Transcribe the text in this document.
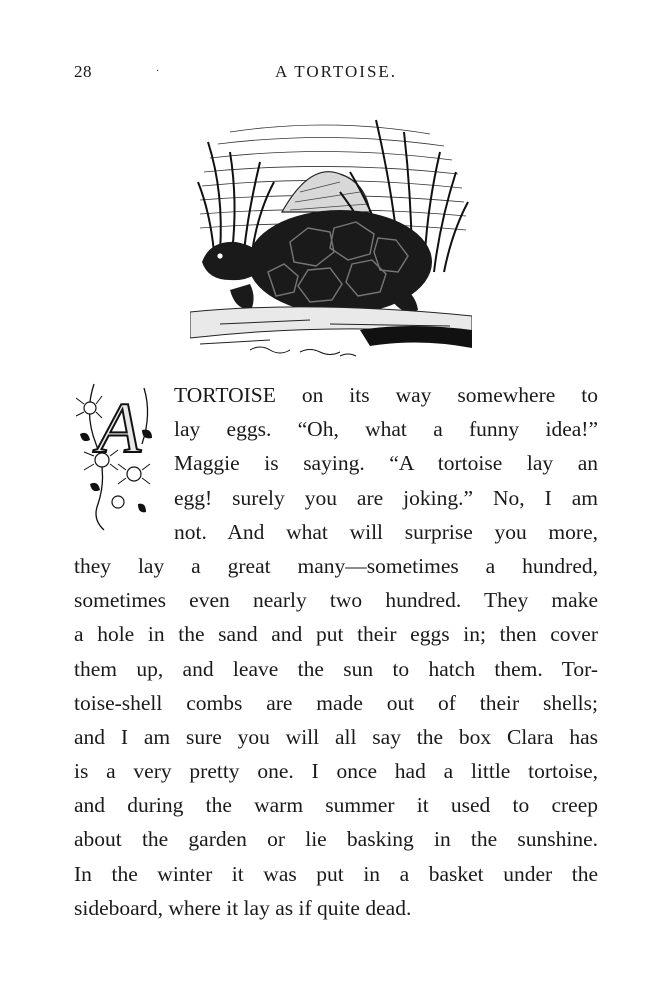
28	·	A TORTOISE.
A TORTOISE on its way somewhere to
lay eggs. “Oh, what a funny idea!”
Maggie is saying. “A tortoise lay an
egg! surely you are joking.” No, I am
not. And what will surprise you more,
they lay a great many—sometimes a hundred,
sometimes even nearly two hundred. They make
a hole in the sand and put their eggs in; then cover
them up, and leave the sun to hatch them. Tor-
toise-shell combs are made out of their shells;
and I am sure you will all say the box Clara has
is a very pretty one. I once had a little tortoise,
and during the warm summer it used to creep
about the garden or lie basking in the sunshine.
In the winter it was put in a basket under the
sideboard, where it lay as if quite dead.
